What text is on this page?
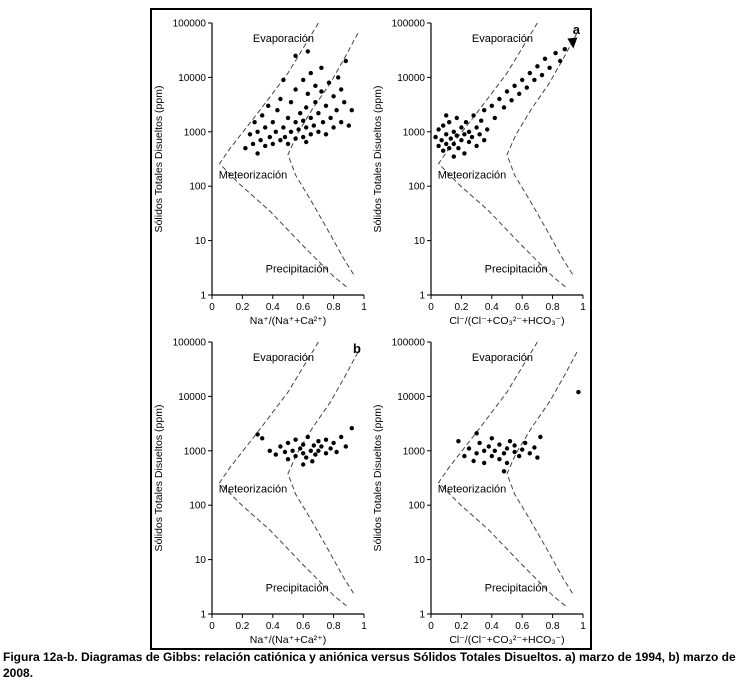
1
10
100
1000
10000
100000
0 0.2 0.4 0.6 0.8 1
Evaporación
Meteorización
Precipitación
Na⁺/(Na⁺+Ca²⁺)
Sólidos Totales Disueltos (ppm)
1
10
100
1000
10000
100000
0 0.2 0.4 0.6 0.8 1
Evaporación
Meteorización
Precipitación
Cl⁻/(Cl⁻+CO₃²⁻+HCO₃⁻)
Sólidos Totales Disueltos (ppm)
a
1
10
100
1000
10000
100000
0 0.2 0.4 0.6 0.8 1
Evaporación
Meteorización
Precipitación
Na⁺/(Na⁺+Ca²⁺)
Sólidos Totales Disueltos (ppm)
b
1
10
100
1000
10000
100000
0 0.2 0.4 0.6 0.8 1
Evaporación
Meteorización
Precipitación
Cl⁻/(Cl⁻+CO₃²⁻+HCO₃⁻)
Sólidos Totales Disueltos (ppm)

Figura 12a-b. Diagramas de Gibbs: relación catiónica y aniónica versus Sólidos Totales Disueltos. a) marzo de 1994, b) marzo de 2008.
